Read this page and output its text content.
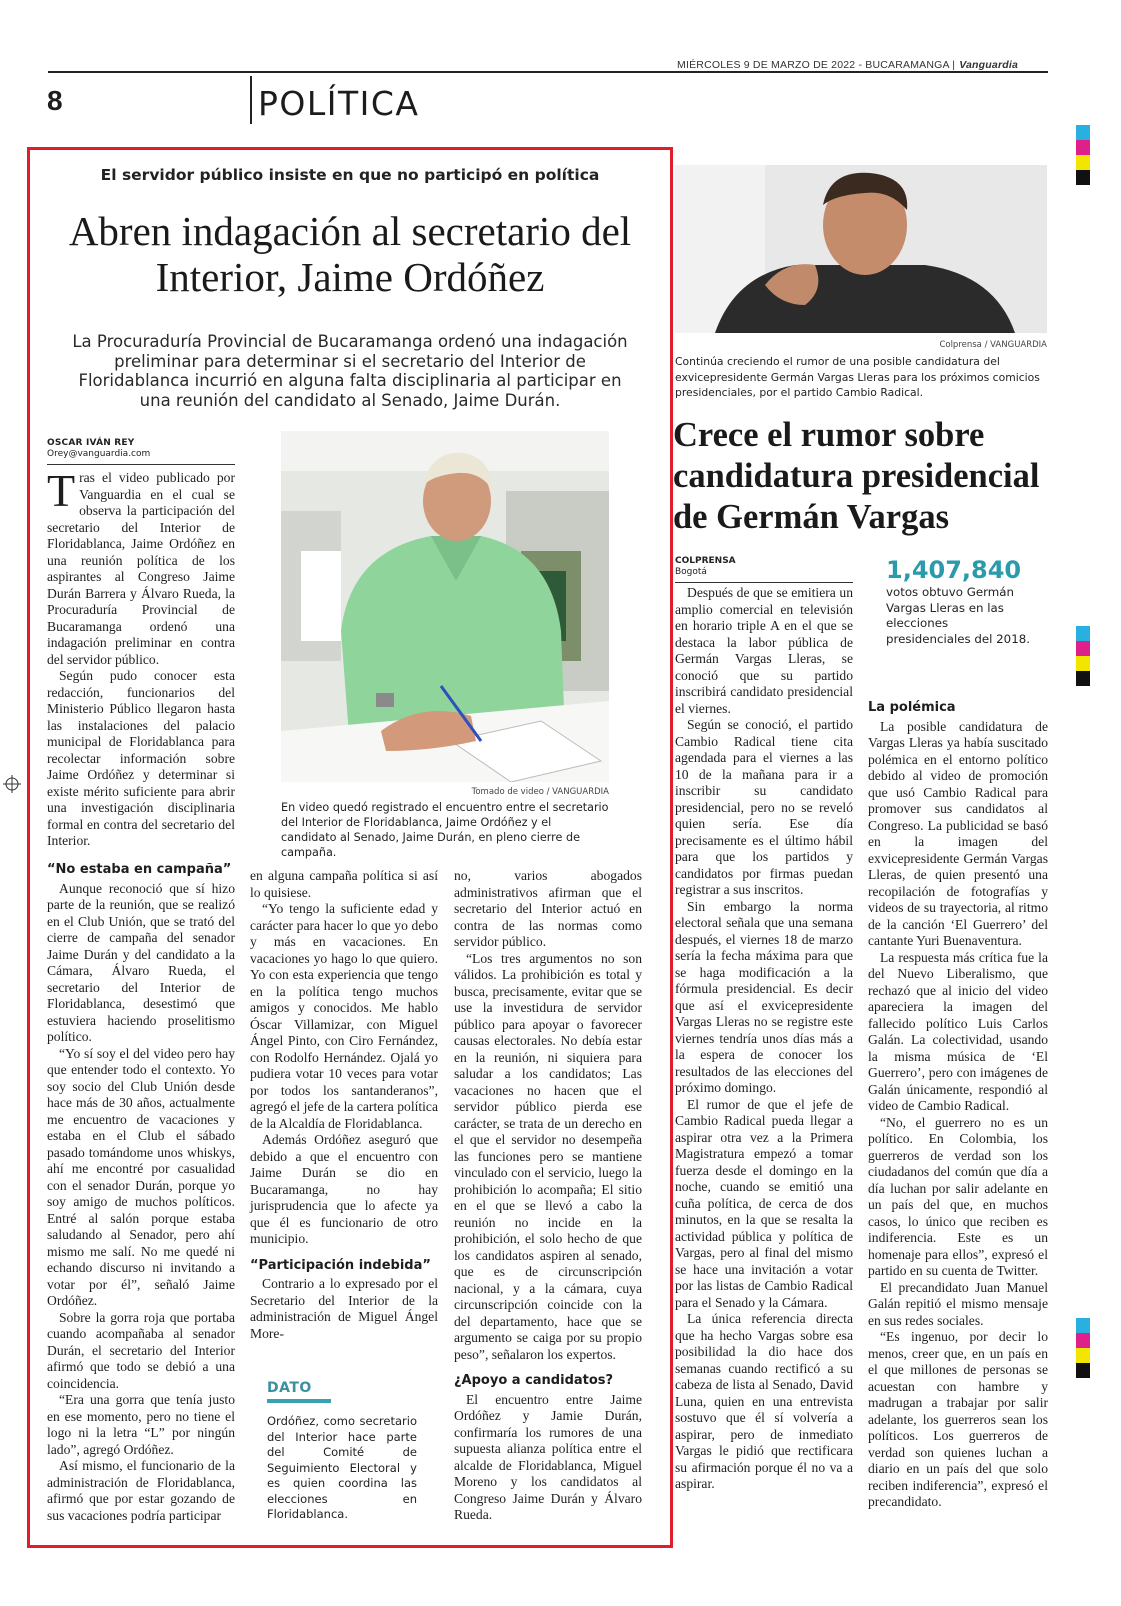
MIÉRCOLES 9 DE MARZO DE 2022 - BUCARAMANGA | Vanguardia
8	POLÍTICA
El servidor público insiste en que no participó en política
Abren indagación al secretario del Interior, Jaime Ordóñez
La Procuraduría Provincial de Bucaramanga ordenó una indagación preliminar para determinar si el secretario del Interior de Floridablanca incurrió en alguna falta disciplinaria al participar en una reunión del candidato al Senado, Jaime Durán.
OSCAR IVÁN REY
Orey@vanguardia.com

Tras el video publicado por Vanguardia en el cual se observa la participación del secretario del Interior de Floridablanca, Jaime Ordóñez en una reunión política de los aspirantes al Congreso Jaime Durán Barrera y Álvaro Rueda, la Procuraduría Provincial de Bucaramanga ordenó una indagación preliminar en contra del servidor público.

Según pudo conocer esta redacción, funcionarios del Ministerio Público llegaron hasta las instalaciones del palacio municipal de Floridablanca para recolectar información sobre Jaime Ordóñez y determinar si existe mérito suficiente para abrir una investigación disciplinaria formal en contra del secretario del Interior.

Tomado de video / VANGUARDIA
En video quedó registrado el encuentro entre el secretario del Interior de Floridablanca, Jaime Ordóñez y el candidato al Senado, Jaime Durán, en pleno cierre de campaña.
“No estaba en campaña”

Aunque reconoció que sí hizo parte de la reunión, que se realizó en el Club Unión, que se trató del cierre de campaña del senador Jaime Durán y del candidato a la Cámara, Álvaro Rueda, el secretario del Interior de Floridablanca, desestimó que estuviera haciendo proselitismo político.

“Yo sí soy el del video pero hay que entender todo el contexto. Yo soy socio del Club Unión desde hace más de 30 años, actualmente me encuentro de vacaciones y estaba en el Club el sábado pasado tomándome unos whiskys, ahí me encontré por casualidad con el senador Durán, porque yo soy amigo de muchos políticos. Entré al salón porque estaba saludando al Senador, pero ahí mismo me salí. No me quedé ni echando discurso ni invitando a votar por él”, señaló Jaime Ordóñez.

Sobre la gorra roja que portaba cuando acompañaba al senador Durán, el secretario del Interior afirmó que todo se debió a una coincidencia.

“Era una gorra que tenía justo en ese momento, pero no tiene el logo ni la letra “L” por ningún lado”, agregó Ordóñez.

Así mismo, el funcionario de la administración de Floridablanca, afirmó que por estar gozando de sus vacaciones podría participar

en alguna campaña política si así lo quisiese.

“Yo tengo la suficiente edad y carácter para hacer lo que yo debo y más en vacaciones. En vacaciones yo hago lo que quiero. Yo con esta experiencia que tengo en la política tengo muchos amigos y conocidos. Me hablo Óscar Villamizar, con Miguel Ángel Pinto, con Ciro Fernández, con Rodolfo Hernández. Ojalá yo pudiera votar 10 veces para votar por todos los santanderanos”, agregó el jefe de la cartera política de la Alcaldía de Floridablanca.

Además Ordóñez aseguró que debido a que el encuentro con Jaime Durán se dio en Bucaramanga, no hay jurisprudencia que lo afecte ya que él es funcionario de otro municipio.

“Participación indebida”

Contrario a lo expresado por el Secretario del Interior de la administración de Miguel Ángel More-

no, varios abogados administrativos afirman que el secretario del Interior actuó en contra de las normas como servidor público.

“Los tres argumentos no son válidos. La prohibición es total y busca, precisamente, evitar que se use la investidura de servidor público para apoyar o favorecer causas electorales. No debía estar en la reunión, ni siquiera para saludar a los candidatos; Las vacaciones no hacen que el servidor público pierda ese carácter, se trata de un derecho en el que el servidor no desempeña las funciones pero se mantiene vinculado con el servicio, luego la prohibición lo acompaña; El sitio en el que se llevó a cabo la reunión no incide en la prohibición, el solo hecho de que los candidatos aspiren al senado, que es de circunscripción nacional, y a la cámara, cuya circunscripción coincide con la del departamento, hace que se argumento se caiga por su propio peso”, señalaron los expertos.

¿Apoyo a candidatos?

El encuentro entre Jaime Ordóñez y Jamie Durán, confirmaría los rumores de una supuesta alianza política entre el alcalde de Floridablanca, Miguel Moreno y los candidatos al Congreso Jaime Durán y Álvaro Rueda.

DATO
Ordóñez, como secretario del Interior hace parte del Comité de Seguimiento Electoral y es quien coordina las elecciones en Floridablanca.
Colprensa / VANGUARDIA
Continúa creciendo el rumor de una posible candidatura del exvicepresidente Germán Vargas Lleras para los próximos comicios presidenciales, por el partido Cambio Radical.
Crece el rumor sobre candidatura presidencial de Germán Vargas
COLPRENSA
Bogotá	1,407,840
votos obtuvo Germán Vargas Lleras en las elecciones presidenciales del 2018.

Después de que se emitiera un amplio comercial en televisión en horario triple A en el que se destaca la labor pública de Germán Vargas Lleras, se conoció que su partido inscribirá candidato presidencial el viernes.

Según se conoció, el partido Cambio Radical tiene cita agendada para el viernes a las 10 de la mañana para ir a inscribir su candidato presidencial, pero no se reveló quien sería. Ese día precisamente es el último hábil para que los partidos y candidatos por firmas puedan registrar a sus inscritos.

Sin embargo la norma electoral señala que una semana después, el viernes 18 de marzo sería la fecha máxima para que se haga modificación a la fórmula presidencial. Es decir que así el exvicepresidente Vargas Lleras no se registre este viernes tendría unos días más a la espera de conocer los resultados de las elecciones del próximo domingo.

El rumor de que el jefe de Cambio Radical pueda llegar a aspirar otra vez a la Primera Magistratura empezó a tomar fuerza desde el domingo en la noche, cuando se emitió una cuña política, de cerca de dos minutos, en la que se resalta la actividad pública y política de Vargas, pero al final del mismo se hace una invitación a votar por las listas de Cambio Radical para el Senado y la Cámara.

La única referencia directa que ha hecho Vargas sobre esa posibilidad la dio hace dos semanas cuando rectificó a su cabeza de lista al Senado, David Luna, quien en una entrevista sostuvo que él sí volvería a aspirar, pero de inmediato Vargas le pidió que rectificara su afirmación porque él no va a aspirar.

La polémica

La posible candidatura de Vargas Lleras ya había suscitado polémica en el entorno político debido al video de promoción que usó Cambio Radical para promover sus candidatos al Congreso. La publicidad se basó en la imagen del exvicepresidente Germán Vargas Lleras, de quien presentó una recopilación de fotografías y videos de su trayectoria, al ritmo de la canción ‘El Guerrero’ del cantante Yuri Buenaventura.

La respuesta más crítica fue la del Nuevo Liberalismo, que rechazó que al inicio del video apareciera la imagen del fallecido político Luis Carlos Galán. La colectividad, usando la misma música de ‘El Guerrero’, pero con imágenes de Galán únicamente, respondió al video de Cambio Radical.

“No, el guerrero no es un político. En Colombia, los guerreros de verdad son los ciudadanos del común que día a día luchan por salir adelante en un país del que, en muchos casos, lo único que reciben es indiferencia. Este es un homenaje para ellos”, expresó el partido en su cuenta de Twitter.

El precandidato Juan Manuel Galán repitió el mismo mensaje en sus redes sociales.

“Es ingenuo, por decir lo menos, creer que, en un país en el que millones de personas se acuestan con hambre y madrugan a trabajar por salir adelante, los guerreros sean los políticos. Los guerreros de verdad son quienes luchan a diario en un país del que solo reciben indiferencia”, expresó el precandidato.
